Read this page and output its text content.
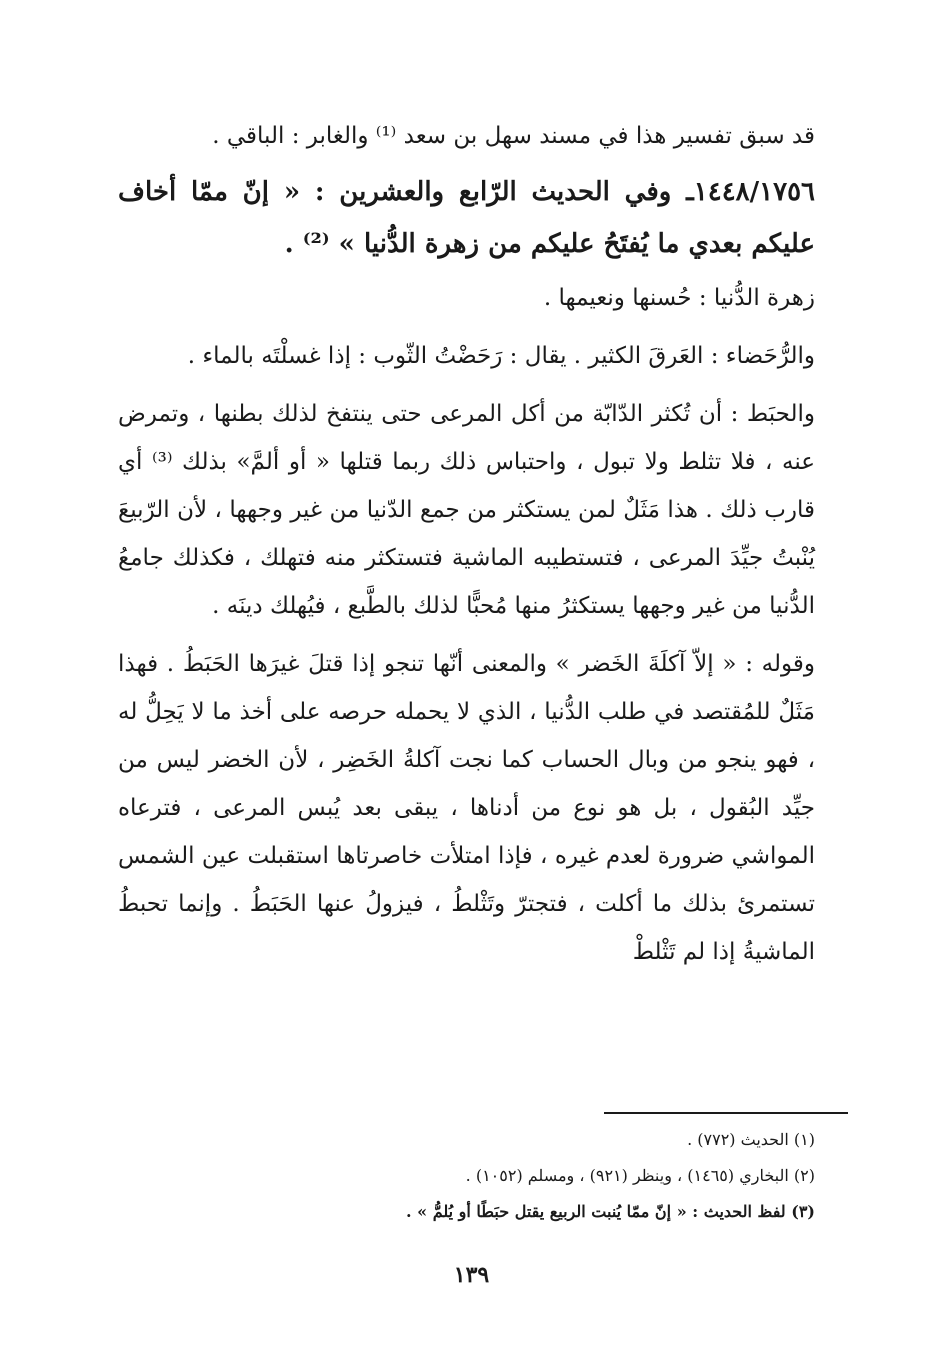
قد سبق تفسير هذا في مسند سهل بن سعد ⁽¹⁾ والغابر : الباقي .

١٤٤٨/١٧٥٦ـ وفي الحديث الرّابع والعشرين : « إنّ ممّا أخاف عليكم بعدي ما يُفتَحُ عليكم من زهرة الدُّنيا » ⁽²⁾ .

زهرة الدُّنيا : حُسنها ونعيمها .

والرُّحَضاء : العَرقَ الكثير . يقال : رَحَضْتُ الثّوب : إذا غسلْتَه بالماء .

والحبَط : أن تُكثر الدّابّة من أكل المرعى حتى ينتفخ لذلك بطنها ، وتمرض عنه ، فلا تثلط ولا تبول ، واحتباس ذلك ربما قتلها « أو ألمَّ» بذلك ⁽³⁾ أي قارب ذلك . هذا مَثَلٌ لمن يستكثر من جمع الدّنيا من غير وجهها ، لأن الرّبيعَ يُنْبتُ جيِّدَ المرعى ، فتستطيبه الماشية فتستكثر منه فتهلك ، فكذلك جامعُ الدُّنيا من غير وجهها يستكثرُ منها مُحبًّا لذلك بالطَّبع ، فيُهلك دينَه .

وقوله : « إلاّ آكلَةَ الخَضر » والمعنى أنّها تنجو إذا قتلَ غيرَها الحَبَطُ . فهذا مَثَلٌ للمُقتصد في طلب الدُّنيا ، الذي لا يحمله حرصه على أخذ ما لا يَحِلُّ له ، فهو ينجو من وبال الحساب كما نجت آكلةُ الخَضِر ، لأن الخضر ليس من جيِّد البُقول ، بل هو نوع من أدناها ، يبقى بعد يُبس المرعى ، فترعاه المواشي ضرورة لعدم غيره ، فإذا امتلأت خاصرتاها استقبلت عين الشمس تستمرئ بذلك ما أكلت ، فتجترّ وتَثْلطُ ، فيزولُ عنها الحَبَطُ . وإنما تحبطُ الماشيةُ إذا لم تَثْلطْ

(١) الحديث (٧٧٢) .

(٢) البخاري (١٤٦٥) ، وينظر (٩٢١) ، ومسلم (١٠٥٢) .

(٣) لفظ الحديث : « إنّ ممّا يُنبت الربيع يقتل حبَطًا أو يُلمُّ » .

١٣٩
